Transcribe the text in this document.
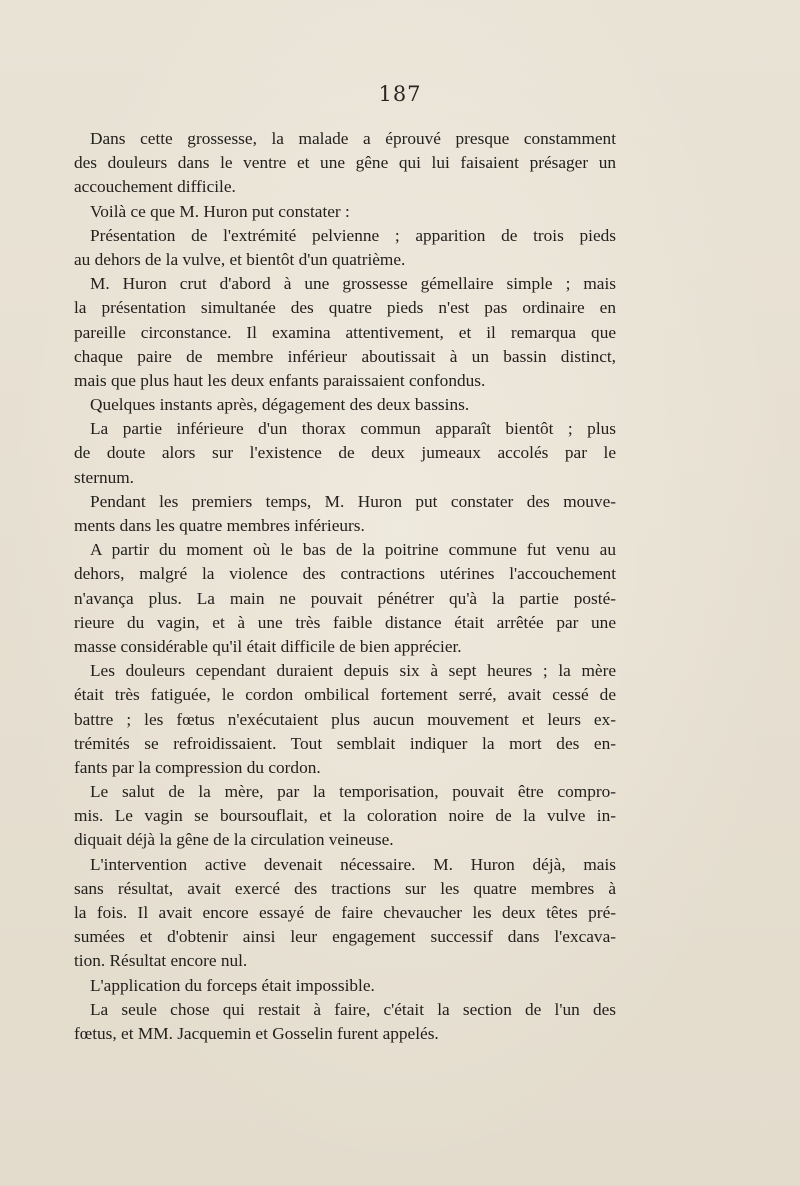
187

Dans cette grossesse, la malade a éprouvé presque constamment
des douleurs dans le ventre et une gêne qui lui faisaient présager un
accouchement difficile.
Voilà ce que M. Huron put constater :
Présentation de l'extrémité pelvienne ; apparition de trois pieds
au dehors de la vulve, et bientôt d'un quatrième.
M. Huron crut d'abord à une grossesse gémellaire simple ; mais
la présentation simultanée des quatre pieds n'est pas ordinaire en
pareille circonstance. Il examina attentivement, et il remarqua que
chaque paire de membre inférieur aboutissait à un bassin distinct,
mais que plus haut les deux enfants paraissaient confondus.
Quelques instants après, dégagement des deux bassins.
La partie inférieure d'un thorax commun apparaît bientôt ; plus
de doute alors sur l'existence de deux jumeaux accolés par le
sternum.
Pendant les premiers temps, M. Huron put constater des mouve-
ments dans les quatre membres inférieurs.
A partir du moment où le bas de la poitrine commune fut venu au
dehors, malgré la violence des contractions utérines l'accouchement
n'avança plus. La main ne pouvait pénétrer qu'à la partie posté-
rieure du vagin, et à une très faible distance était arrêtée par une
masse considérable qu'il était difficile de bien apprécier.
Les douleurs cependant duraient depuis six à sept heures ; la mère
était très fatiguée, le cordon ombilical fortement serré, avait cessé de
battre ; les fœtus n'exécutaient plus aucun mouvement et leurs ex-
trémités se refroidissaient. Tout semblait indiquer la mort des en-
fants par la compression du cordon.
Le salut de la mère, par la temporisation, pouvait être compro-
mis. Le vagin se boursouflait, et la coloration noire de la vulve in-
diquait déjà la gêne de la circulation veineuse.
L'intervention active devenait nécessaire. M. Huron déjà, mais
sans résultat, avait exercé des tractions sur les quatre membres à
la fois. Il avait encore essayé de faire chevaucher les deux têtes pré-
sumées et d'obtenir ainsi leur engagement successif dans l'excava-
tion. Résultat encore nul.
L'application du forceps était impossible.
La seule chose qui restait à faire, c'était la section de l'un des
fœtus, et MM. Jacquemin et Gosselin furent appelés.
